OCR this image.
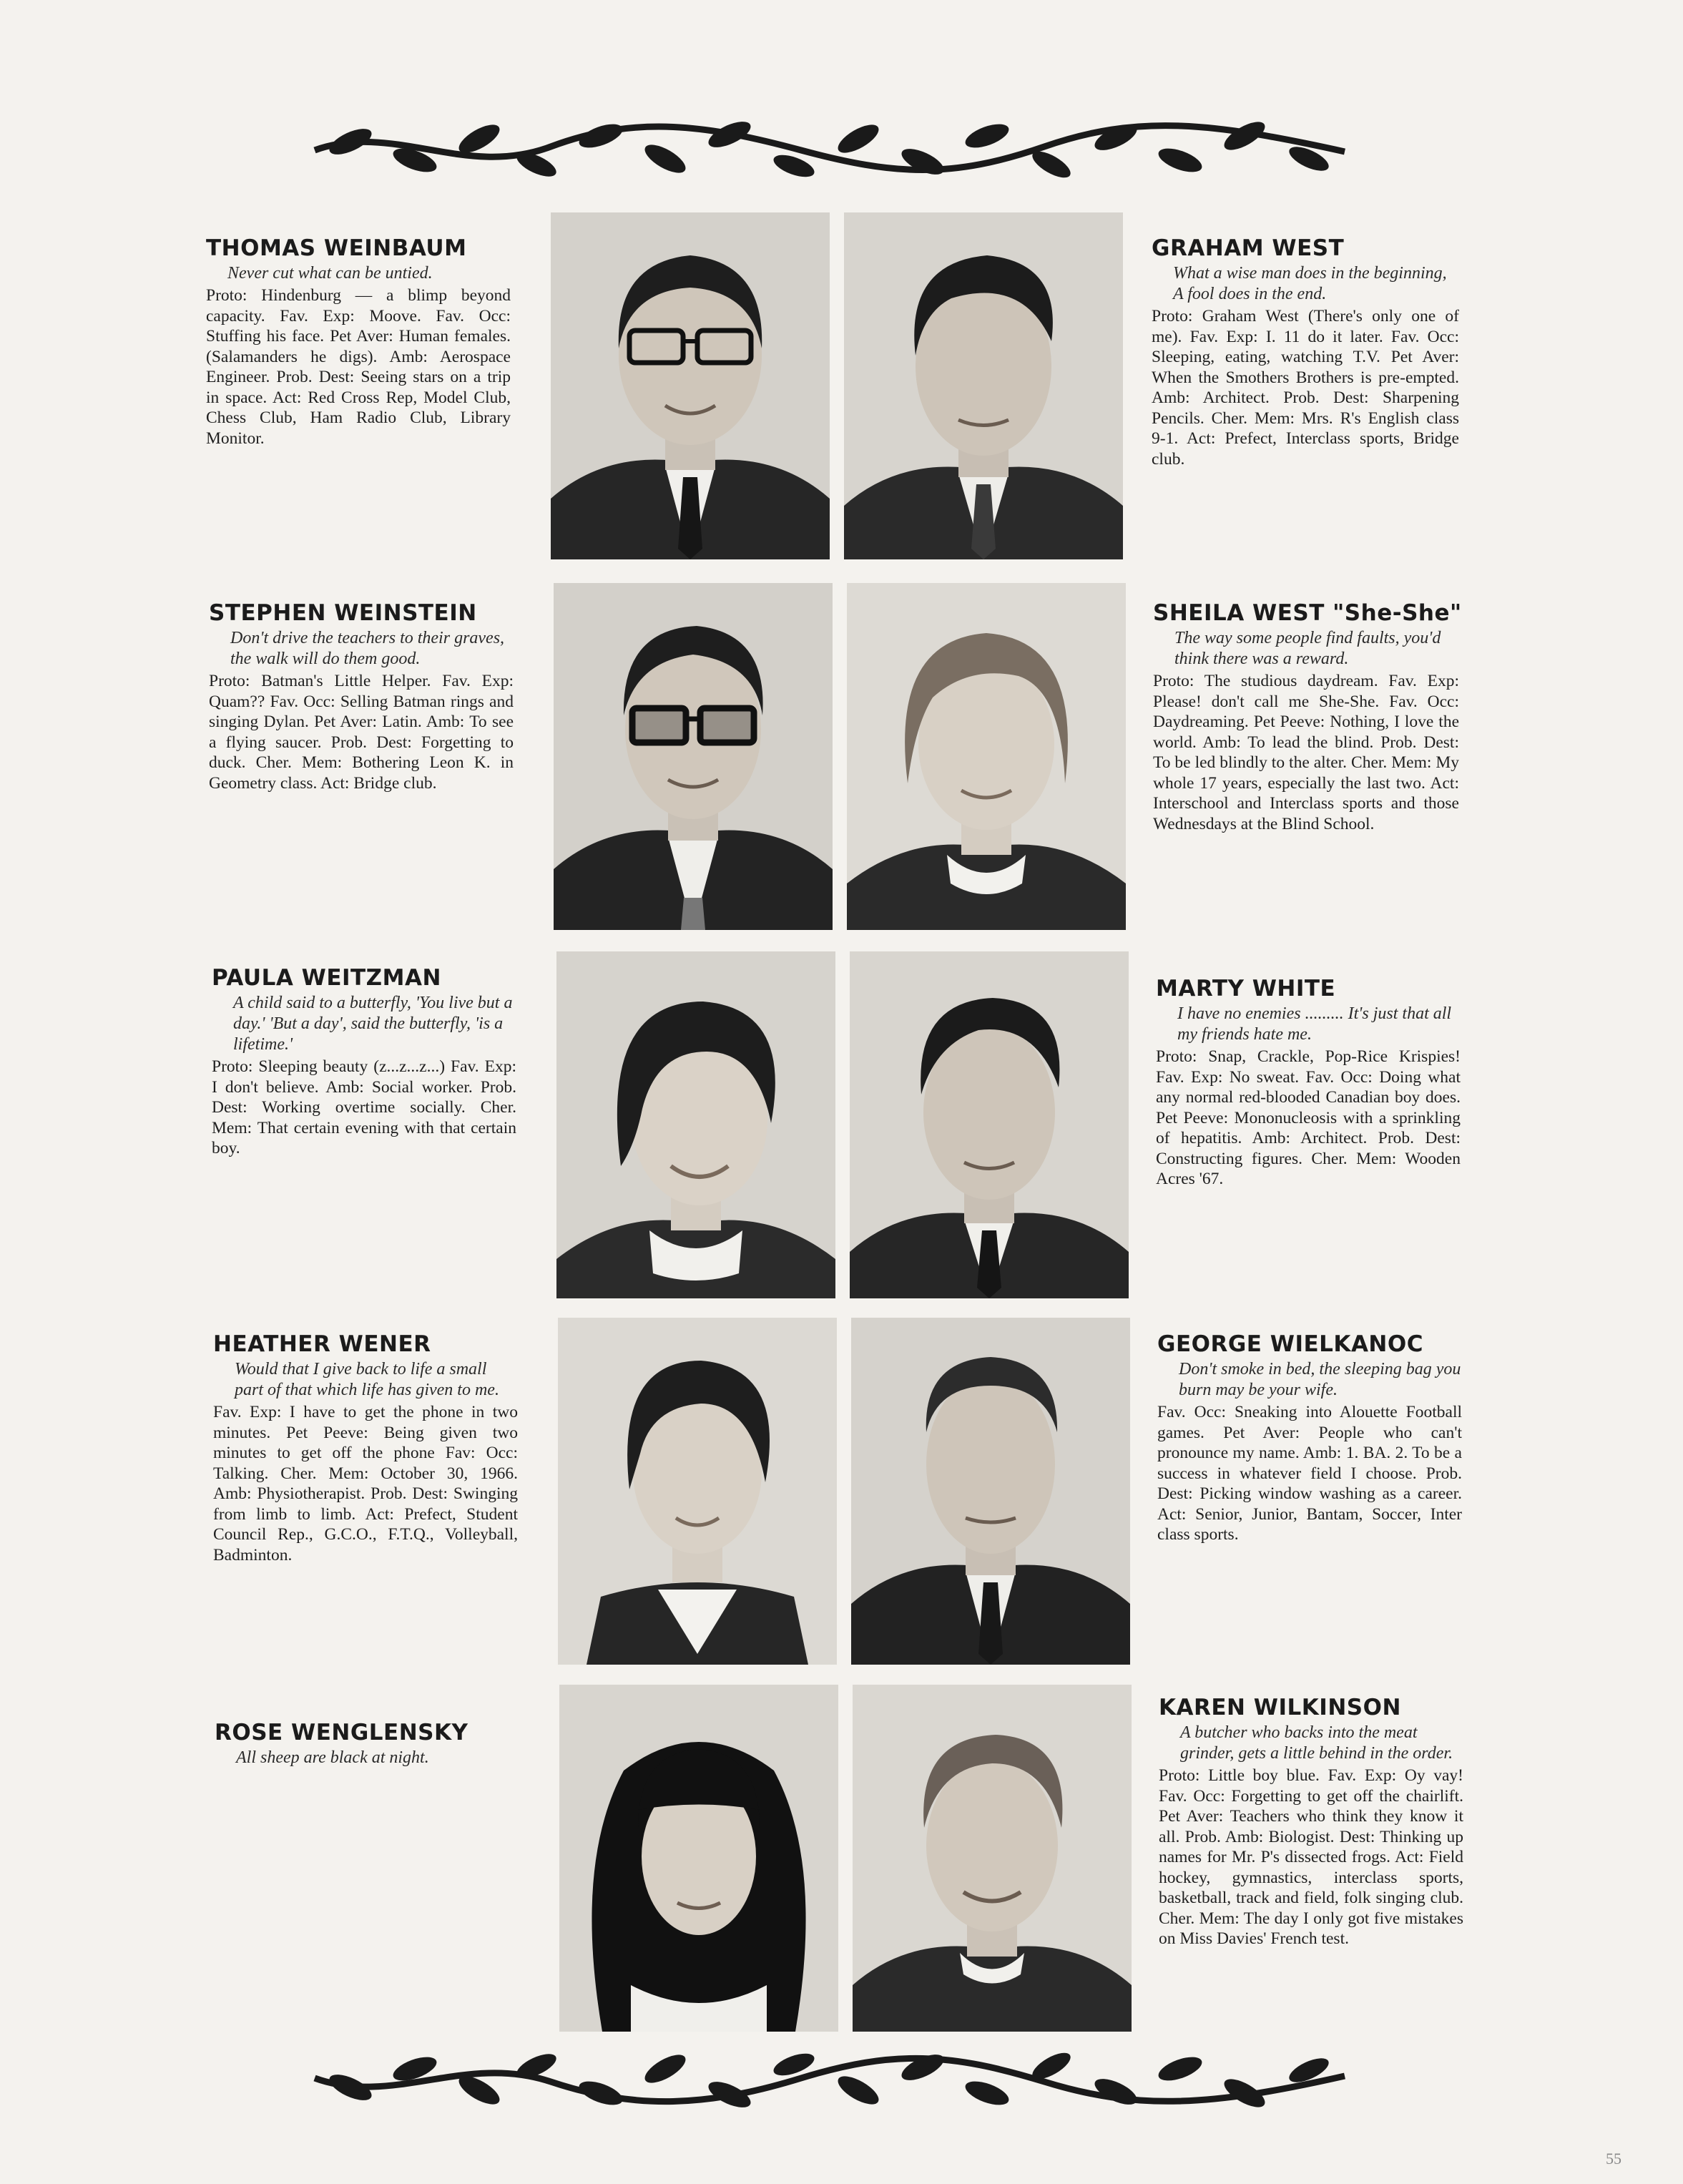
THOMAS WEINBAUM

Never cut what can be untied.

Proto: Hindenburg — a blimp beyond capacity. Fav. Exp: Moove. Fav. Occ: Stuffing his face. Pet Aver: Human females. (Salamanders he digs). Amb: Aerospace Engineer. Prob. Dest: Seeing stars on a trip in space. Act: Red Cross Rep, Model Club, Chess Club, Ham Radio Club, Library Monitor.

GRAHAM WEST

What a wise man does in the beginning, A fool does in the end.

Proto: Graham West (There's only one of me). Fav. Exp: I. 11 do it later. Fav. Occ: Sleeping, eating, watching T.V. Pet Aver: When the Smothers Brothers is pre-empted. Amb: Architect. Prob. Dest: Sharpening Pencils. Cher. Mem: Mrs. R's English class 9-1. Act: Prefect, Interclass sports, Bridge club.

STEPHEN WEINSTEIN

Don't drive the teachers to their graves, the walk will do them good.

Proto: Batman's Little Helper. Fav. Exp: Quam?? Fav. Occ: Selling Batman rings and singing Dylan. Pet Aver: Latin. Amb: To see a flying saucer. Prob. Dest: Forgetting to duck. Cher. Mem: Bothering Leon K. in Geometry class. Act: Bridge club.

SHEILA WEST "She-She"

The way some people find faults, you'd think there was a reward.

Proto: The studious daydream. Fav. Exp: Please! don't call me She-She. Fav. Occ: Daydreaming. Pet Peeve: Nothing, I love the world. Amb: To lead the blind. Prob. Dest: To be led blindly to the alter. Cher. Mem: My whole 17 years, especially the last two. Act: Interschool and Interclass sports and those Wednesdays at the Blind School.

PAULA WEITZMAN

A child said to a butterfly, 'You live but a day.' 'But a day', said the butterfly, 'is a lifetime.'

Proto: Sleeping beauty (z...z...z...) Fav. Exp: I don't believe. Amb: Social worker. Prob. Dest: Working overtime socially. Cher. Mem: That certain evening with that certain boy.

MARTY WHITE

I have no enemies ......... It's just that all my friends hate me.

Proto: Snap, Crackle, Pop-Rice Krispies! Fav. Exp: No sweat. Fav. Occ: Doing what any normal red-blooded Canadian boy does. Pet Peeve: Mononucleosis with a sprinkling of hepatitis. Amb: Architect. Prob. Dest: Constructing figures. Cher. Mem: Wooden Acres '67.

HEATHER WENER

Would that I give back to life a small part of that which life has given to me.

Fav. Exp: I have to get the phone in two minutes. Pet Peeve: Being given two minutes to get off the phone Fav: Occ: Talking. Cher. Mem: October 30, 1966. Amb: Physiotherapist. Prob. Dest: Swinging from limb to limb. Act: Prefect, Student Council Rep., G.C.O., F.T.Q., Volleyball, Badminton.

GEORGE WIELKANOC

Don't smoke in bed, the sleeping bag you burn may be your wife.

Fav. Occ: Sneaking into Alouette Football games. Pet Aver: People who can't pronounce my name. Amb: 1. BA. 2. To be a success in whatever field I choose. Prob. Dest: Picking window washing as a career. Act: Senior, Junior, Bantam, Soccer, Inter class sports.

ROSE WENGLENSKY

All sheep are black at night.

KAREN WILKINSON

A butcher who backs into the meat grinder, gets a little behind in the order.

Proto: Little boy blue. Fav. Exp: Oy vay! Fav. Occ: Forgetting to get off the chairlift. Pet Aver: Teachers who think they know it all. Prob. Amb: Biologist. Dest: Thinking up names for Mr. P's dissected frogs. Act: Field hockey, gymnastics, interclass sports, basketball, track and field, folk singing club. Cher. Mem: The day I only got five mistakes on Miss Davies' French test.

55
